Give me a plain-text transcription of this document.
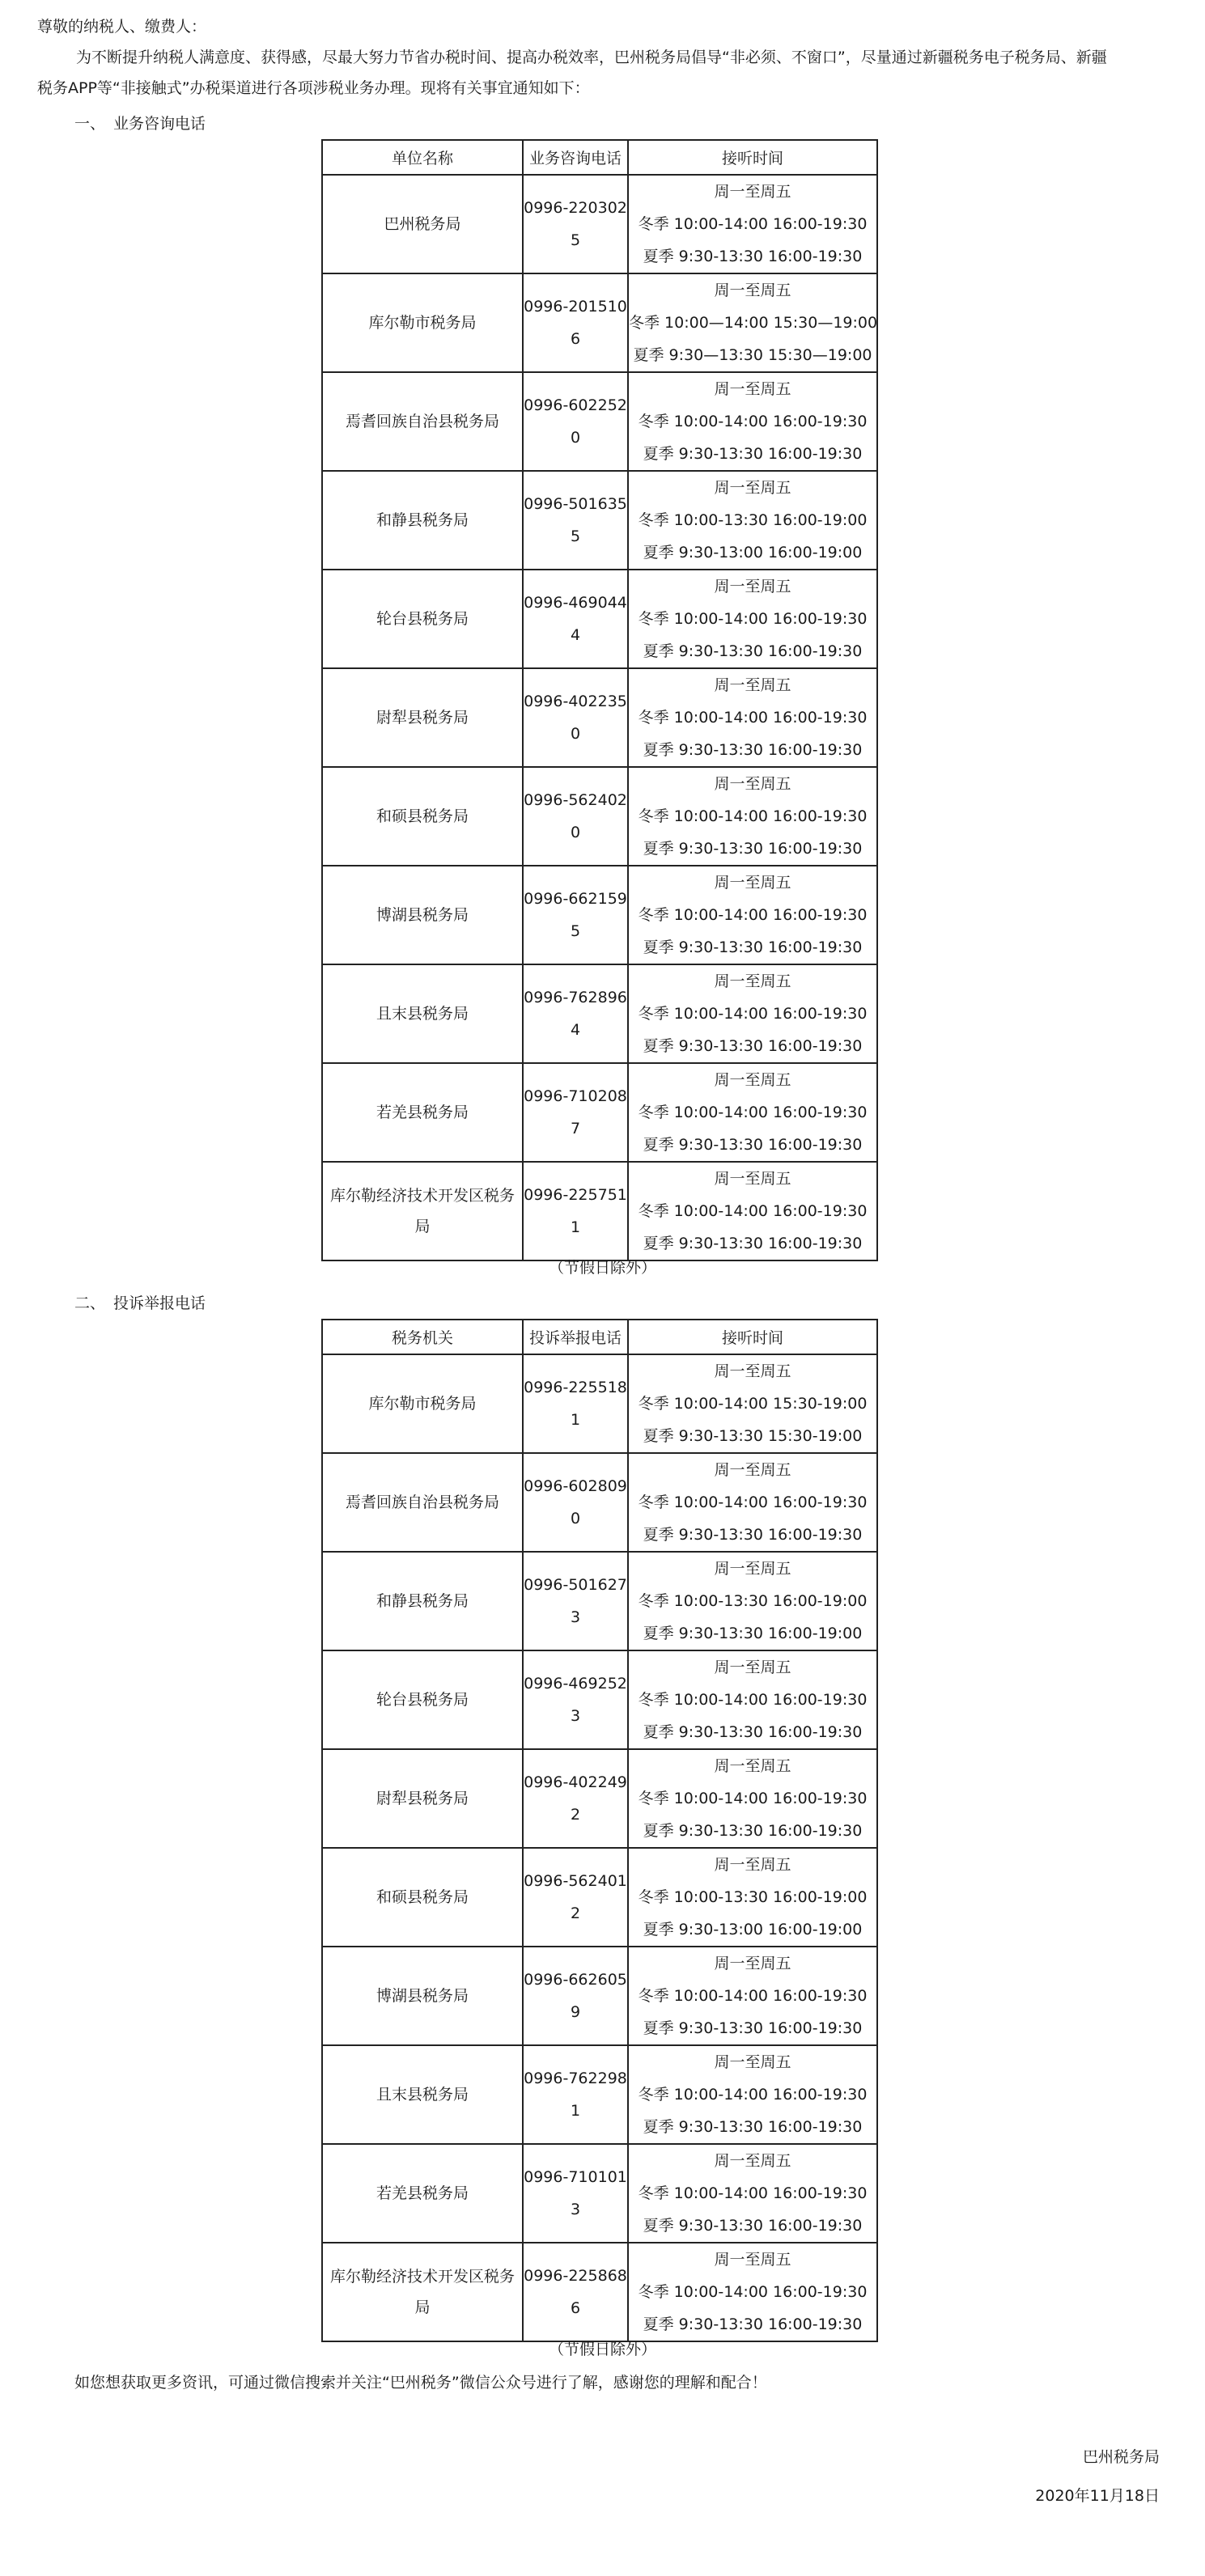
尊敬的纳税人、缴费人：
为不断提升纳税人满意度、获得感，尽最大努力节省办税时间、提高办税效率，巴州税务局倡导“非必须、不窗口”，尽量通过新疆税务电子税务局、新疆
税务APP等“非接触式”办税渠道进行各项涉税业务办理。现将有关事宜通知如下：
一、 业务咨询电话
单位名称	业务咨询电话	接听时间
巴州税务局	0996-2203025	周一至周五
冬季 10:00-14:00 16:00-19:30
夏季 9:30-13:30 16:00-19:30

库尔勒市税务局	0996-2015106	周一至周五
冬季 10:00—14:00 15:30—19:00
夏季 9:30—13:30 15:30—19:00

焉耆回族自治县税务局	0996-6022520	周一至周五
冬季 10:00-14:00 16:00-19:30
夏季 9:30-13:30 16:00-19:30

和静县税务局	0996-5016355	周一至周五
冬季 10:00-13:30 16:00-19:00
夏季 9:30-13:00 16:00-19:00

轮台县税务局	0996-4690444	周一至周五
冬季 10:00-14:00 16:00-19:30
夏季 9:30-13:30 16:00-19:30

尉犁县税务局	0996-4022350	周一至周五
冬季 10:00-14:00 16:00-19:30
夏季 9:30-13:30 16:00-19:30

和硕县税务局	0996-5624020	周一至周五
冬季 10:00-14:00 16:00-19:30
夏季 9:30-13:30 16:00-19:30

博湖县税务局	0996-6621595	周一至周五
冬季 10:00-14:00 16:00-19:30
夏季 9:30-13:30 16:00-19:30

且末县税务局	0996-7628964	周一至周五
冬季 10:00-14:00 16:00-19:30
夏季 9:30-13:30 16:00-19:30

若羌县税务局	0996-7102087	周一至周五
冬季 10:00-14:00 16:00-19:30
夏季 9:30-13:30 16:00-19:30

库尔勒经济技术开发区税务局	0996-2257511	周一至周五
冬季 10:00-14:00 16:00-19:30
夏季 9:30-13:30 16:00-19:30
（节假日除外）
二、 投诉举报电话
税务机关	投诉举报电话	接听时间
库尔勒市税务局	0996-2255181	周一至周五
冬季 10:00-14:00 15:30-19:00
夏季 9:30-13:30 15:30-19:00

焉耆回族自治县税务局	0996-6028090	周一至周五
冬季 10:00-14:00 16:00-19:30
夏季 9:30-13:30 16:00-19:30

和静县税务局	0996-5016273	周一至周五
冬季 10:00-13:30 16:00-19:00
夏季 9:30-13:30 16:00-19:00

轮台县税务局	0996-4692523	周一至周五
冬季 10:00-14:00 16:00-19:30
夏季 9:30-13:30 16:00-19:30

尉犁县税务局	0996-4022492	周一至周五
冬季 10:00-14:00 16:00-19:30
夏季 9:30-13:30 16:00-19:30

和硕县税务局	0996-5624012	周一至周五
冬季 10:00-13:30 16:00-19:00
夏季 9:30-13:00 16:00-19:00

博湖县税务局	0996-6626059	周一至周五
冬季 10:00-14:00 16:00-19:30
夏季 9:30-13:30 16:00-19:30

且末县税务局	0996-7622981	周一至周五
冬季 10:00-14:00 16:00-19:30
夏季 9:30-13:30 16:00-19:30

若羌县税务局	0996-7101013	周一至周五
冬季 10:00-14:00 16:00-19:30
夏季 9:30-13:30 16:00-19:30

库尔勒经济技术开发区税务局	0996-2258686	周一至周五
冬季 10:00-14:00 16:00-19:30
夏季 9:30-13:30 16:00-19:30
（节假日除外）
如您想获取更多资讯，可通过微信搜索并关注“巴州税务”微信公众号进行了解，感谢您的理解和配合！
巴州税务局
2020年11月18日
